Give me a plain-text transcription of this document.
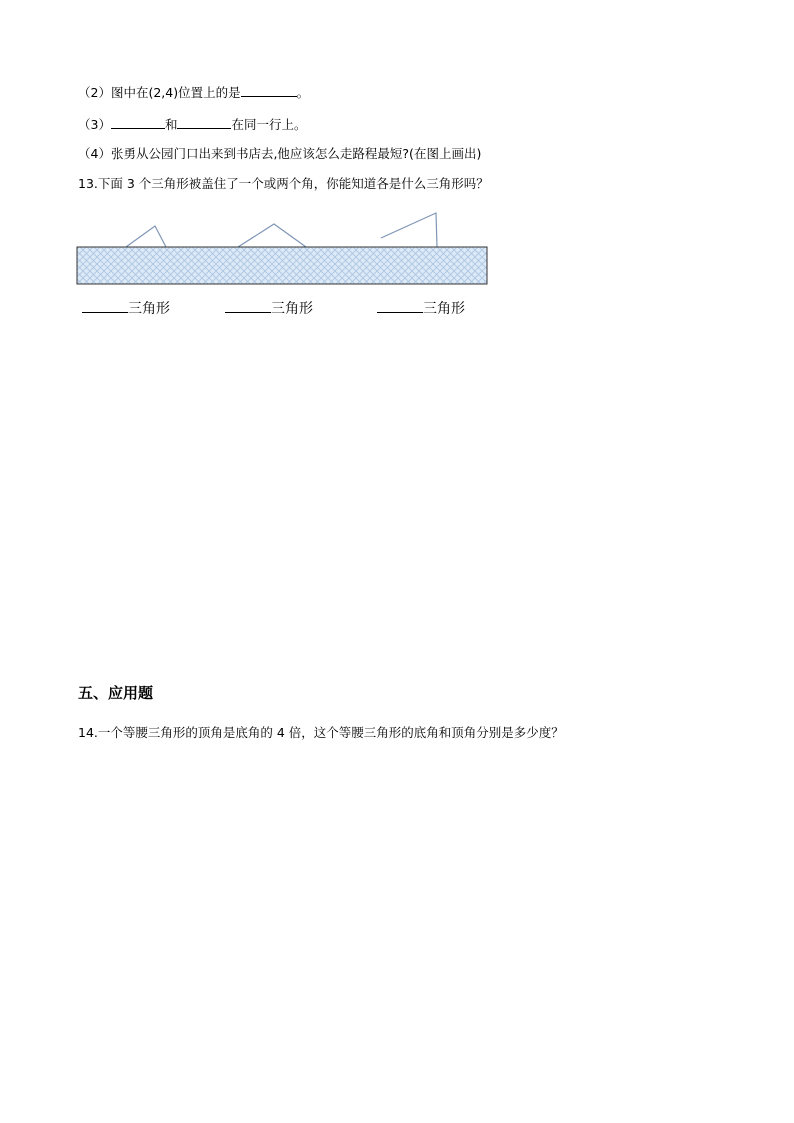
（2）图中在(2,4)位置上的是	。
（3）	和	在同一行上。
（4）张勇从公园门口出来到书店去,他应该怎么走路程最短?(在图上画出)
13.下面 3 个三角形被盖住了一个或两个角，你能知道各是什么三角形吗？
三角形	三角形	三角形
五、应用题
14.一个等腰三角形的顶角是底角的 4 倍，这个等腰三角形的底角和顶角分别是多少度？
